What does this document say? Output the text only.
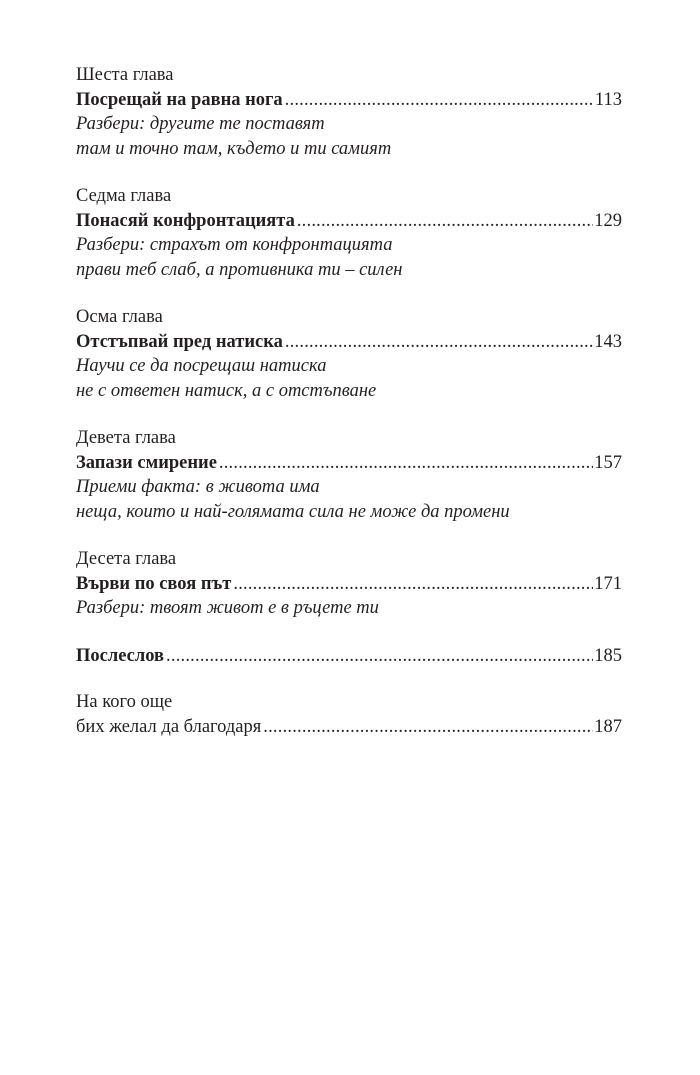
Шеста глава
Посрещай на равна нога .....	113
Разбери: другите те поставят
там и точно там, където и ти самият
Седма глава
Понасяй конфронтацията .....	129
Разбери: страхът от конфронтацията
прави теб слаб, а противника ти – силен
Осма глава
Отстъпвай пред натиска .....	143
Научи се да посрещаш натиска
не с ответен натиск, а с отстъпване
Девета глава
Запази смирение .....	157
Приеми факта: в живота има
неща, които и най-голямата сила не може да промени
Десета глава
Върви по своя път .....	171
Разбери: твоят живот е в ръцете ти
Послеслов .....	185
На кого още
бих желал да благодаря .....	187
